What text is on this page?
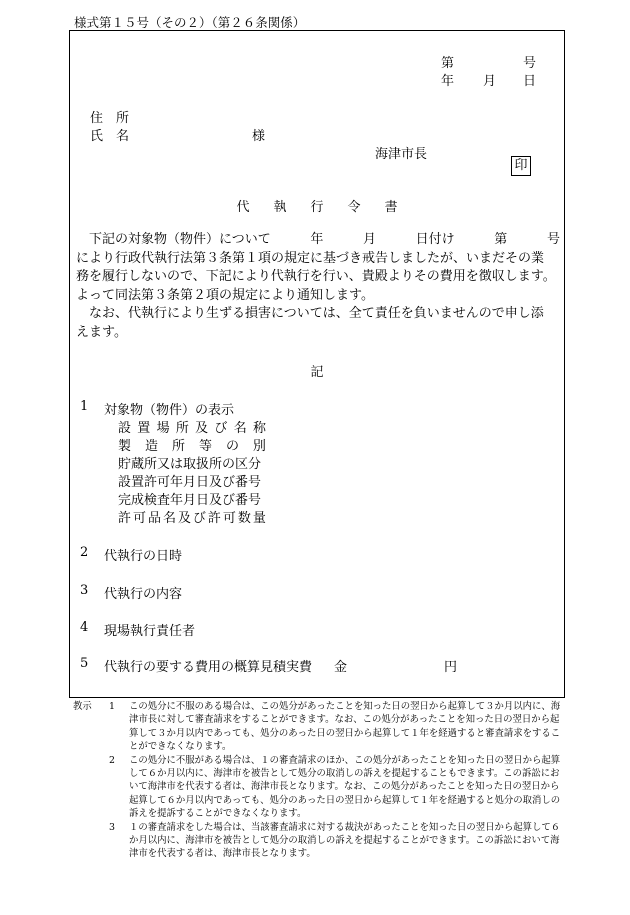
様式第１５号（その２）（第２６条関係）
第	号
年 月 日
住　所
氏　名	様
海津市長
印
代 執 行 令 書

　下記の対象物（物件）について	年	月	日付け	第	号

により行政代執行法第３条第１項の規定に基づき戒告しましたが、いまだその業

務を履行しないので、下記により代執行を行い、貴殿よりその費用を徴収します。

よって同法第３条第２項の規定により通知します。

　なお、代執行により生ずる損害については、全て責任を負いませんので申し添

えます。

記
1 対象物（物件）の表示
設 置 場 所 及 び 名 称
製 造 所 等 の 別
貯蔵所又は取扱所の区分
設置許可年月日及び番号
完成検査年月日及び番号
許 可 品 名 及 び 許 可 数 量
2 代執行の日時
3 代執行の内容
4 現場執行責任者
5 代執行の要する費用の概算見積実費 金	円
教示 1 この処分に不服のある場合は、この処分があったことを知った日の翌日から起算して３か月以内に、海津市長に対して審査請求をすることができます。なお、この処分があったことを知った日の翌日から起算して３か月以内であっても、処分のあった日の翌日から起算して１年を経過すると審査請求をすることができなくなります。
2 この処分に不服がある場合は、１の審査請求のほか、この処分があったことを知った日の翌日から起算して６か月以内に、海津市を被告として処分の取消しの訴えを提起することもできます。この訴訟において海津市を代表する者は、海津市長となります。なお、この処分があったことを知った日の翌日から起算して６か月以内であっても、処分のあった日の翌日から起算して１年を経過すると処分の取消しの訴えを提訴することができなくなります。
3 １の審査請求をした場合は、当該審査請求に対する裁決があったことを知った日の翌日から起算して６か月以内に、海津市を被告として処分の取消しの訴えを提起することができます。この訴訟において海津市を代表する者は、海津市長となります。
